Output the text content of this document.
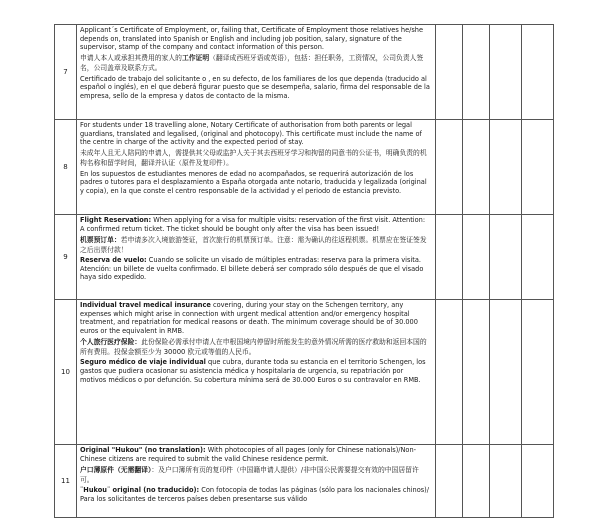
7	Applicant´s Certificate of Employment, or, failing that, Certificate of Employment those relatives he/she depends on, translated into Spanish or English and including job position, salary, signature of the supervisor, stamp of the company and contact information of this person.
申请人本人或承担其费用的家人的工作证明（翻译成西班牙语或英语），包括：担任职务，工资情况，公司负责人签名，公司盖章及联系方式。
Certificado de trabajo del solicitante o , en su defecto, de los familiares de los que dependa (traducido al español o inglés), en el que deberá figurar puesto que se desempeña, salario, firma del responsable de la empresa, sello de la empresa y datos de contacto de la misma.				

8	For students under 18 travelling alone, Notary Certificate of authorisation from both parents or legal guardians, translated and legalised, (original and photocopy). This certificate must include the name of the centre in charge of the activity and the expected period of stay.
未成年人且无人陪同的申请人，需提供其父母或监护人关于其去西班牙学习和拘留的同意书的公证书，明确负责的机构名称和留学时间，翻译并认证（原件及复印件）。
En los supuestos de estudiantes menores de edad no acompañados, se requerirá autorización de los padres o tutores para el desplazamiento a España otorgada ante notario, traducida y legalizada (original y copia), en la que conste el centro responsable de la actividad y el periodo de estancia previsto.				

9	Flight Reservation: When applying for a visa for multiple visits: reservation of the first visit. Attention: A confirmed return ticket. The ticket should be bought only after the visa has been issued!
机票预订单：若申请多次入境旅游签证，首次旅行的机票预订单。注意：需为确认的往返程机票。机票应在签证签发之后出票付款！
Reserva de vuelo: Cuando se solicite un visado de múltiples entradas: reserva para la primera visita. Atención: un billete de vuelta confirmado. El billete deberá ser comprado sólo después de que el visado haya sido expedido.				

10	Individual travel medical insurance covering, during your stay on the Schengen territory, any expenses which might arise in connection with urgent medical attention and/or emergency hospital treatment, and repatriation for medical reasons or death. The minimum coverage should be of 30.000 euros or the equivalent in RMB.
个人旅行医疗保险：此份保险必需承付申请人在申根国境内停留时所能发生的意外情况所需的医疗救助和返回本国的所有费用。投保金额至少为 30000 欧元或等值的人民币。
Seguro médico de viaje individual que cubra, durante toda su estancia en el territorio Schengen, los gastos que pudiera ocasionar su asistencia médica y hospitalaria de urgencia, su repatriación por motivos médicos o por defunción. Su cobertura mínima será de 30.000 Euros o su contravalor en RMB.				

11	Original "Hukou" (no translation): With photocopies of all pages (only for Chinese nationals)/Non-Chinese citizens are required to submit the valid Chinese residence permit.
户口薄原件（无需翻译）：及户口簿所有页的复印件（中国籍申请人提供）/非中国公民需要提交有效的中国居留许可。
¨Hukou¨ original (no traducido): Con fotocopia de todas las páginas (sólo para los nacionales chinos)/ Para los solicitantes de terceros países deben presentarse sus válido				
